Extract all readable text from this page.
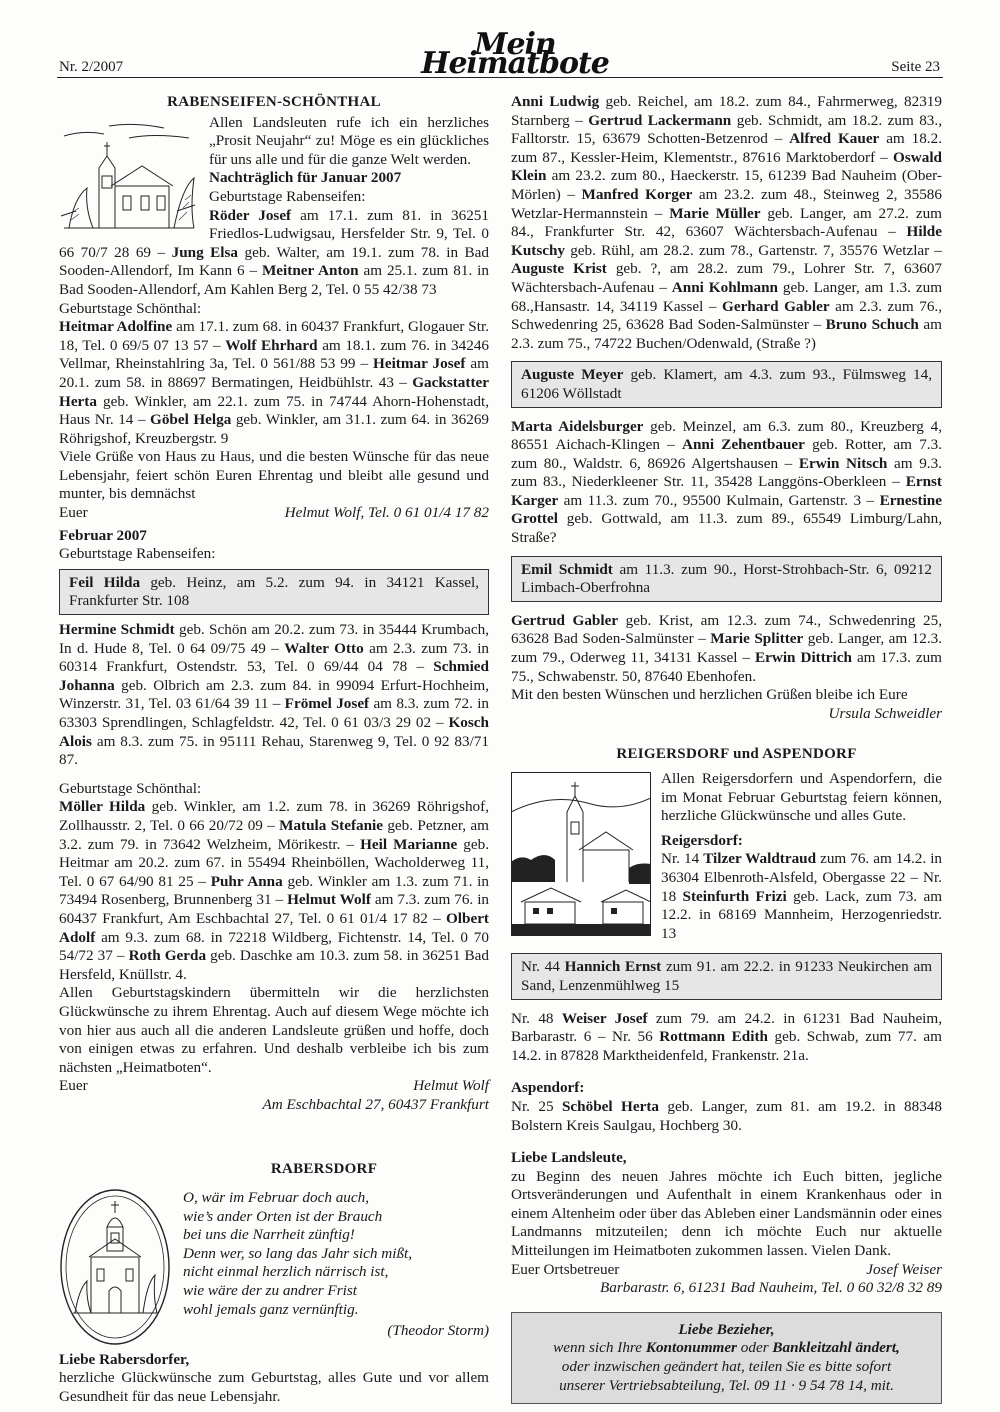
Nr. 2/2007
Mein Heimatbote	Seite 23
RABENSEIFEN-SCHÖNTHAL

Allen Landsleuten rufe ich ein herzliches „Prosit Neujahr“ zu! Möge es ein glückliches für uns alle und für die ganze Welt werden.

Nachträglich für Januar 2007

Geburtstage Rabenseifen:

Röder Josef am 17.1. zum 81. in 36251 Friedlos-Ludwigsau, Hersfelder Str. 9, Tel. 0 66 70/7 28 69 – Jung Elsa geb. Walter, am 19.1. zum 78. in Bad Sooden-Allendorf, Im Kann 6 – Meitner Anton am 25.1. zum 81. in Bad Sooden-Allendorf, Am Kahlen Berg 2, Tel. 0 55 42/38 73

Geburtstage Schönthal:

Heitmar Adolfine am 17.1. zum 68. in 60437 Frankfurt, Glogauer Str. 18, Tel. 0 69/5 07 13 57 – Wolf Ehrhard am 18.1. zum 76. in 34246 Vellmar, Rheinstahlring 3a, Tel. 0 561/88 53 99 – Heitmar Josef am 20.1. zum 58. in 88697 Bermatingen, Heidbühlstr. 43 – Gackstatter Herta geb. Winkler, am 22.1. zum 75. in 74744 Ahorn-Hohenstadt, Haus Nr. 14 – Göbel Helga geb. Winkler, am 31.1. zum 64. in 36269 Röhrigshof, Kreuzbergstr. 9

Viele Grüße von Haus zu Haus, und die besten Wünsche für das neue Lebensjahr, feiert schön Euren Ehrentag und bleibt alle gesund und munter, bis demnächst

Euer	Helmut Wolf, Tel. 0 61 01/4 17 82

Februar 2007

Geburtstage Rabenseifen:

Feil Hilda geb. Heinz, am 5.2. zum 94. in 34121 Kassel, Frankfurter Str. 108

Hermine Schmidt geb. Schön am 20.2. zum 73. in 35444 Krumbach, In d. Hude 8, Tel. 0 64 09/75 49 – Walter Otto am 2.3. zum 73. in 60314 Frankfurt, Ostendstr. 53, Tel. 0 69/44 04 78 – Schmied Johanna geb. Olbrich am 2.3. zum 84. in 99094 Erfurt-Hochheim, Winzerstr. 31, Tel. 03 61/64 39 11 – Frömel Josef am 8.3. zum 72. in 63303 Sprendlingen, Schlagfeldstr. 42, Tel. 0 61 03/3 29 02 – Kosch Alois am 8.3. zum 75. in 95111 Rehau, Starenweg 9, Tel. 0 92 83/71 87.

Geburtstage Schönthal:

Möller Hilda geb. Winkler, am 1.2. zum 78. in 36269 Röhrigshof, Zollhausstr. 2, Tel. 0 66 20/72 09 – Matula Stefanie geb. Petzner, am 3.2. zum 79. in 73642 Welzheim, Mörikestr. – Heil Marianne geb. Heitmar am 20.2. zum 67. in 55494 Rheinböllen, Wacholderweg 11, Tel. 0 67 64/90 81 25 – Puhr Anna geb. Winkler am 1.3. zum 71. in 73494 Rosenberg, Brunnenberg 31 – Helmut Wolf am 7.3. zum 76. in 60437 Frankfurt, Am Eschbachtal 27, Tel. 0 61 01/4 17 82 – Olbert Adolf am 9.3. zum 68. in 72218 Wildberg, Fichtenstr. 14, Tel. 0 70 54/72 37 – Roth Gerda geb. Daschke am 10.3. zum 58. in 36251 Bad Hersfeld, Knüllstr. 4.

Allen Geburtstagskindern übermitteln wir die herzlichsten Glückwünsche zu ihrem Ehrentag. Auch auf diesem Wege möchte ich von hier aus auch all die anderen Landsleute grüßen und hoffe, doch von einigen etwas zu erfahren. Und deshalb verbleibe ich bis zum nächsten „Heimatboten“.

Euer	Helmut Wolf

Am Eschbachtal 27, 60437 Frankfurt

RABERSDORF

O, wär im Februar doch auch,

wie’s ander Orten ist der Brauch

bei uns die Narrheit zünftig!

Denn wer, so lang das Jahr sich mißt,

nicht einmal herzlich närrisch ist,

wie wäre der zu andrer Frist

wohl jemals ganz vernünftig.

(Theodor Storm)

Liebe Rabersdorfer,

herzliche Glückwünsche zum Geburtstag, alles Gute und vor allem Gesundheit für das neue Lebensjahr.

Anni Ludwig geb. Reichel, am 18.2. zum 84., Fahrmerweg, 82319 Starnberg – Gertrud Lackermann geb. Schmidt, am 18.2. zum 83., Falltorstr. 15, 63679 Schotten-Betzenrod – Alfred Kauer am 18.2. zum 87., Kessler-Heim, Klementstr., 87616 Marktoberdorf – Oswald Klein am 23.2. zum 80., Haeckerstr. 15, 61239 Bad Nauheim (Ober-Mörlen) – Manfred Korger am 23.2. zum 48., Steinweg 2, 35586 Wetzlar-Hermannstein – Marie Müller geb. Langer, am 27.2. zum 84., Frankfurter Str. 42, 63607 Wächtersbach-Aufenau – Hilde Kutschy geb. Rühl, am 28.2. zum 78., Gartenstr. 7, 35576 Wetzlar – Auguste Krist geb. ?, am 28.2. zum 79., Lohrer Str. 7, 63607 Wächtersbach-Aufenau – Anni Kohlmann geb. Langer, am 1.3. zum 68.,Hansastr. 14, 34119 Kassel – Gerhard Gabler am 2.3. zum 76., Schwedenring 25, 63628 Bad Soden-Salmünster – Bruno Schuch am 2.3. zum 75., 74722 Buchen/Odenwald, (Straße ?)

Auguste Meyer geb. Klamert, am 4.3. zum 93., Fülmsweg 14, 61206 Wöllstadt

Marta Aidelsburger geb. Meinzel, am 6.3. zum 80., Kreuzberg 4, 86551 Aichach-Klingen – Anni Zehentbauer geb. Rotter, am 7.3. zum 80., Waldstr. 6, 86926 Algertshausen – Erwin Nitsch am 9.3. zum 83., Niederkleener Str. 11, 35428 Langgöns-Oberkleen – Ernst Karger am 11.3. zum 70., 95500 Kulmain, Gartenstr. 3 – Ernestine Grottel geb. Gottwald, am 11.3. zum 89., 65549 Limburg/Lahn, Straße?

Emil Schmidt am 11.3. zum 90., Horst-Strohbach-Str. 6, 09212 Limbach-Oberfrohna

Gertrud Gabler geb. Krist, am 12.3. zum 74., Schwedenring 25, 63628 Bad Soden-Salmünster – Marie Splitter geb. Langer, am 12.3. zum 79., Oderweg 11, 34131 Kassel – Erwin Dittrich am 17.3. zum 75., Schwabenstr. 50, 87640 Ebenhofen.

Mit den besten Wünschen und herzlichen Grüßen bleibe ich Eure

Ursula Schweidler

REIGERSDORF und ASPENDORF

Allen Reigersdorfern und Aspendorfern, die im Monat Februar Geburtstag feiern können, herzliche Glückwünsche und alles Gute.

Reigersdorf:

Nr. 14 Tilzer Waldtraud zum 76. am 14.2. in 36304 Elbenroth-Alsfeld, Obergasse 22 – Nr. 18 Steinfurth Frizi geb. Lack, zum 73. am 12.2. in 68169 Mannheim, Herzogenriedstr. 13

Nr. 44 Hannich Ernst zum 91. am 22.2. in 91233 Neukirchen am Sand, Lenzenmühlweg 15

Nr. 48 Weiser Josef zum 79. am 24.2. in 61231 Bad Nauheim, Barbarastr. 6 – Nr. 56 Rottmann Edith geb. Schwab, zum 77. am 14.2. in 87828 Marktheidenfeld, Frankenstr. 21a.

Aspendorf:

Nr. 25 Schöbel Herta geb. Langer, zum 81. am 19.2. in 88348 Bolstern Kreis Saulgau, Hochberg 30.

Liebe Landsleute,

zu Beginn des neuen Jahres möchte ich Euch bitten, jegliche Ortsveränderungen und Aufenthalt in einem Krankenhaus oder in einem Altenheim oder über das Ableben einer Landsmännin oder eines Landmanns mitzuteilen; denn ich möchte Euch nur aktuelle Mitteilungen im Heimatboten zukommen lassen. Vielen Dank.

Euer Ortsbetreuer	Josef Weiser

Barbarastr. 6, 61231 Bad Nauheim, Tel. 0 60 32/8 32 89

Liebe Bezieher,

wenn sich Ihre Kontonummer oder Bankleitzahl ändert,

oder inzwischen geändert hat, teilen Sie es bitte sofort

unserer Vertriebsabteilung, Tel. 09 11 · 9 54 78 14, mit.
